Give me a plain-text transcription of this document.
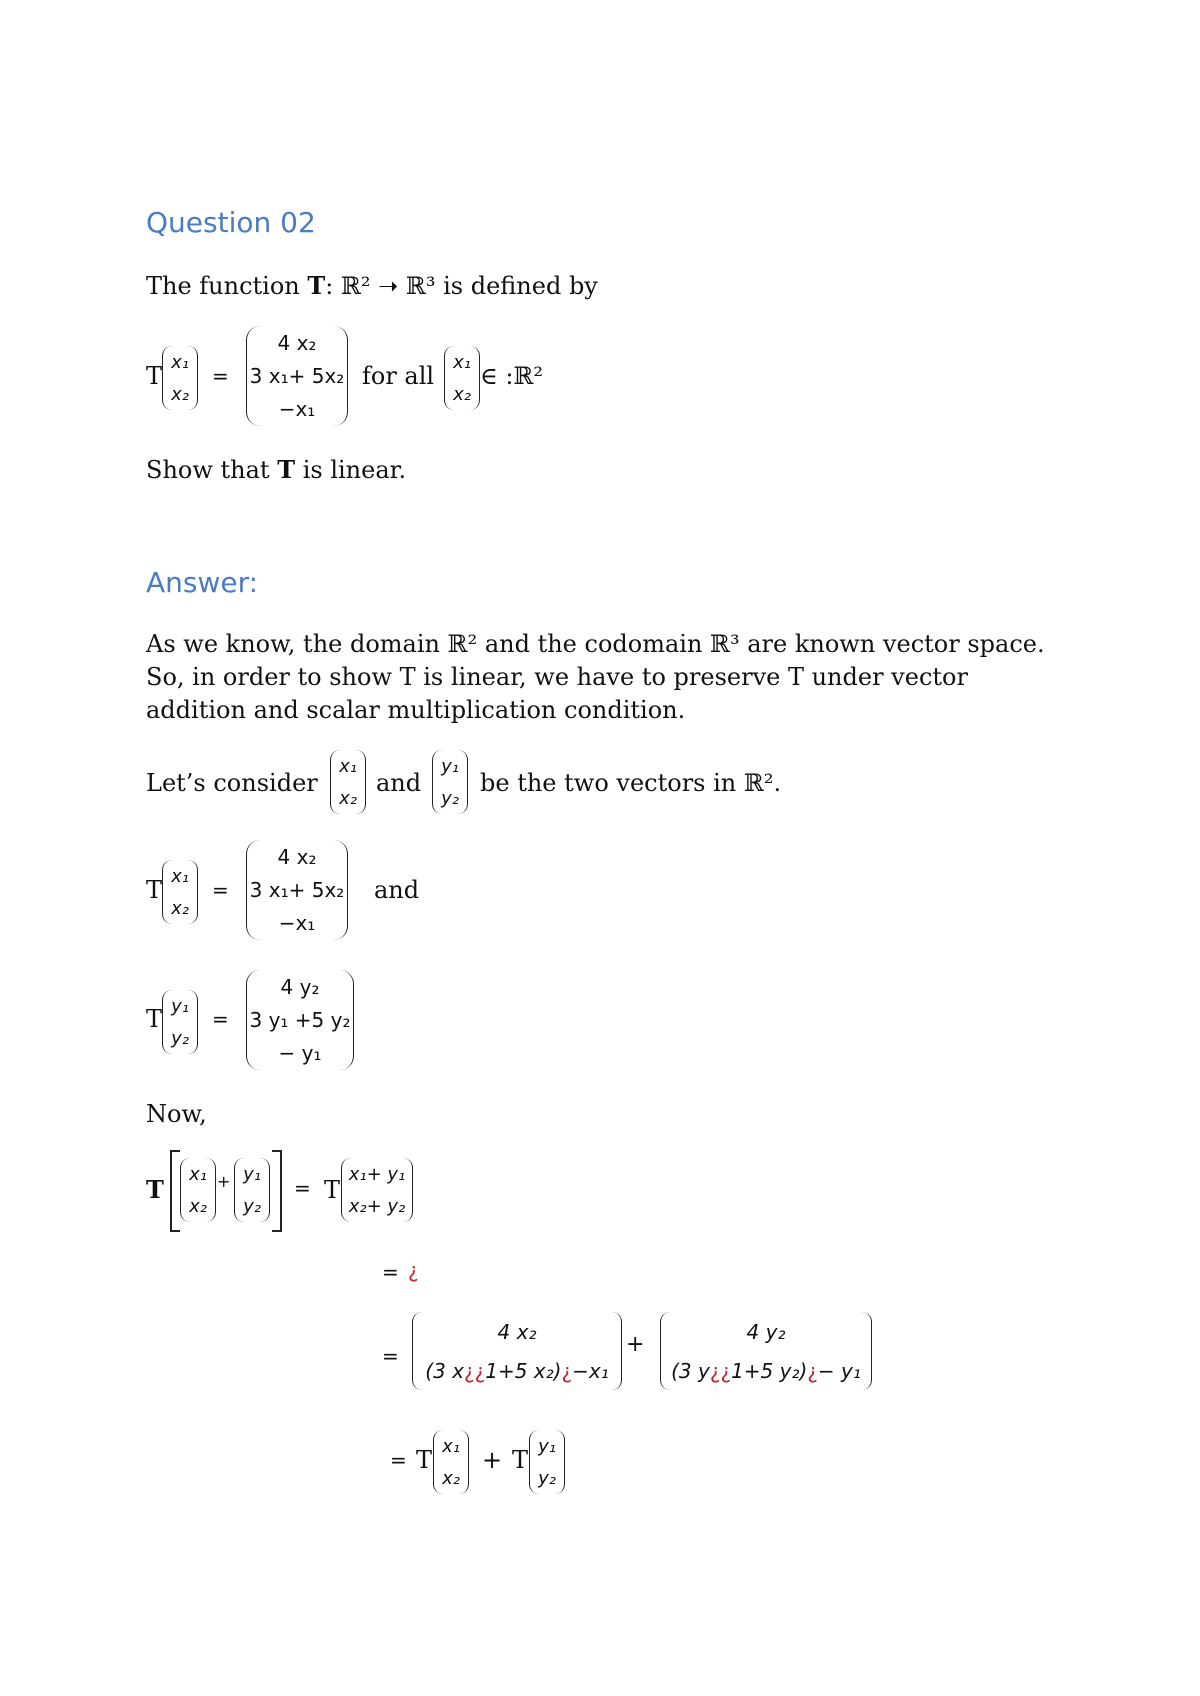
Question 02
The function T: ℝ² ➝ ℝ³ is defined by
T x₁
x₂
=
4 x₂
3 x₁+ 5x₂
−x₁
for all	x₁
x₂
∈ :ℝ²
Show that T is linear.
Answer:
As we know, the domain ℝ² and the codomain ℝ³ are known vector space.
So, in order to show T is linear, we have to preserve T under vector
addition and scalar multiplication condition.
Let’s consider
x₁
x₂
and
y₁
y₂
be the two vectors in ℝ².
T x₁
x₂
=
4 x₂
3 x₁+ 5x₂
−x₁
and
T y₁
y₂
=
4 y₂
3 y₁ +5 y₂
− y₁
Now,
T
x₁
x₂
+ y₁
y₂
= T
x₁+ y₁
x₂+ y₂
= ¿
=
4 x₂
(3 x¿¿1+5 x₂)¿−x₁
+
4 y₂
(3 y¿¿1+5 y₂)¿− y₁
= T x₁
x₂
+ T y₁
y₂
